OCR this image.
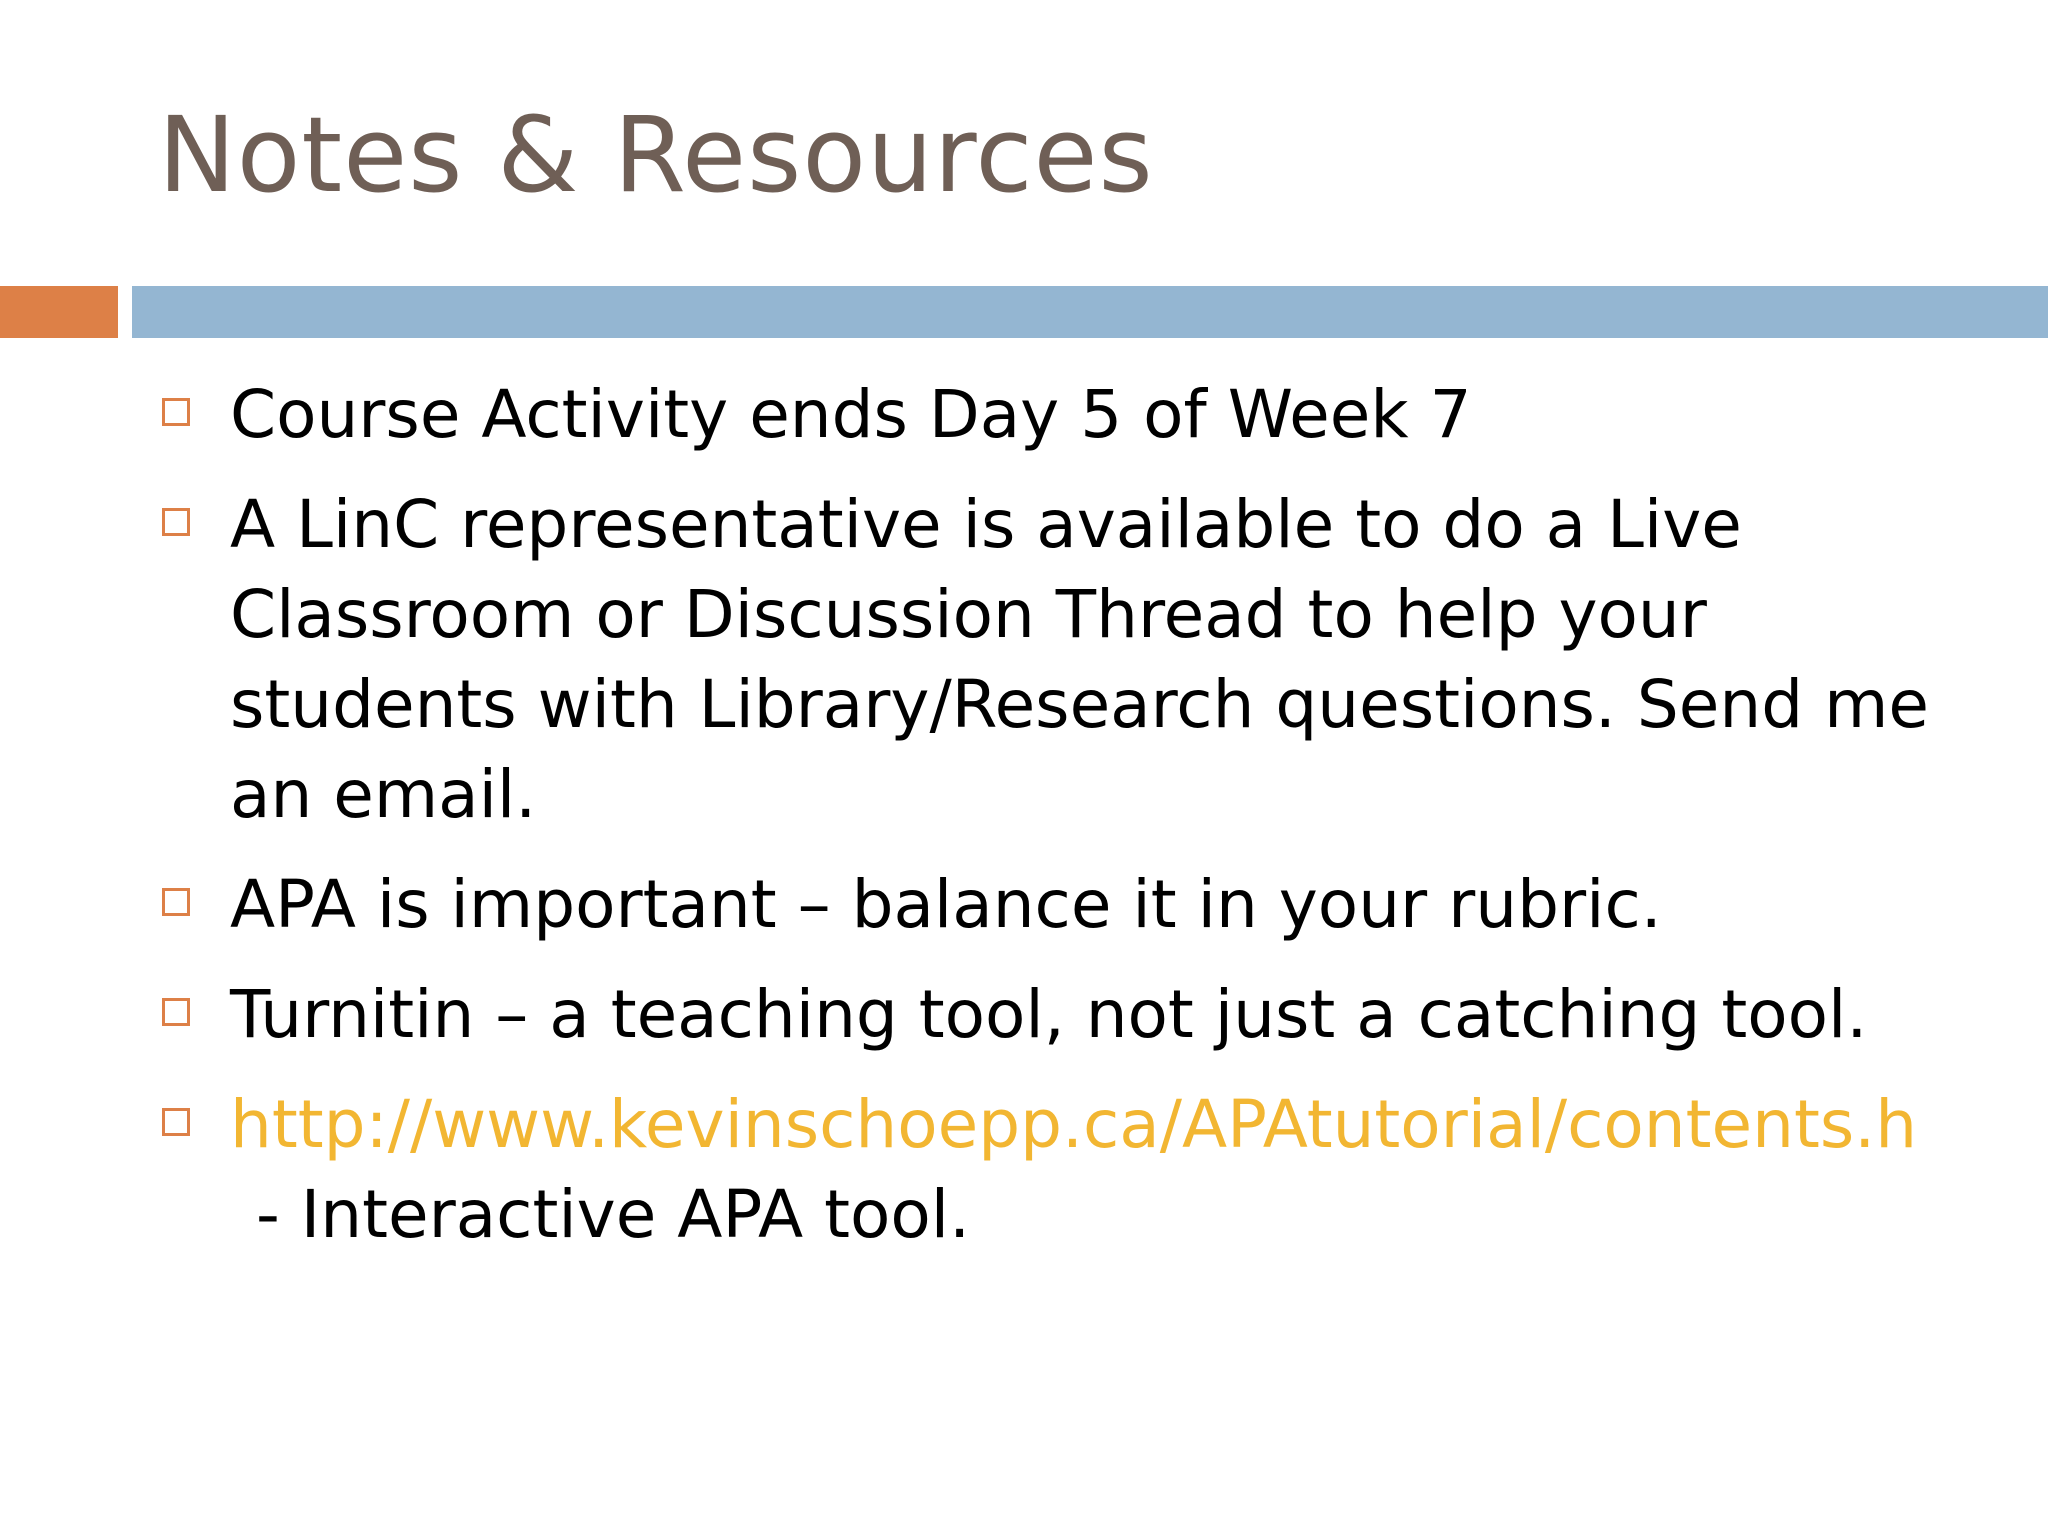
Notes & Resources
Course Activity ends Day 5 of Week 7
A LinC representative is available to do a Live
Classroom or Discussion Thread to help your
students with Library/Research questions. Send me
an email.
APA is important – balance it in your rubric.
Turnitin – a teaching tool, not just a catching tool.
http://www.kevinschoepp.ca/APAtutorial/contents.h
- Interactive APA tool.
